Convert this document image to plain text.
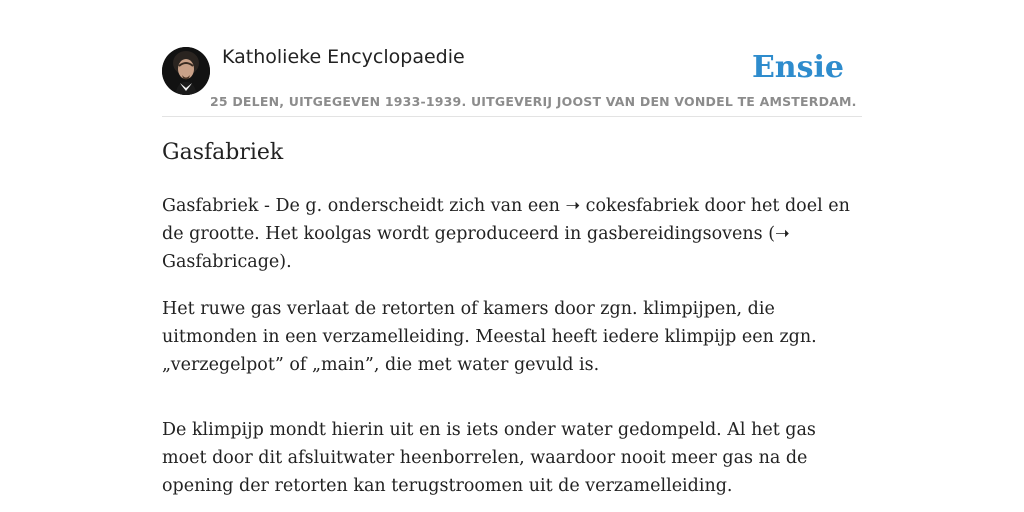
Katholieke Encyclopaedie
25 DELEN, UITGEGEVEN 1933-1939. UITGEVERIJ JOOST VAN DEN VONDEL TE AMSTERDAM.
Ensie
Gasfabriek

Gasfabriek - De g. onderscheidt zich van een ➝ cokesfabriek door het doel en de grootte. Het koolgas wordt geproduceerd in gasbereidingsovens (➝ Gasfabricage).

Het ruwe gas verlaat de retorten of kamers door zgn. klimpijpen, die uitmonden in een verzamelleiding. Meestal heeft iedere klimpijp een zgn. „verzegelpot” of „main”, die met water gevuld is.

De klimpijp mondt hierin uit en is iets onder water gedompeld. Al het gas moet door dit afsluitwater heenborrelen, waardoor nooit meer gas na de opening der retorten kan terugstroomen uit de verzamelleiding.
